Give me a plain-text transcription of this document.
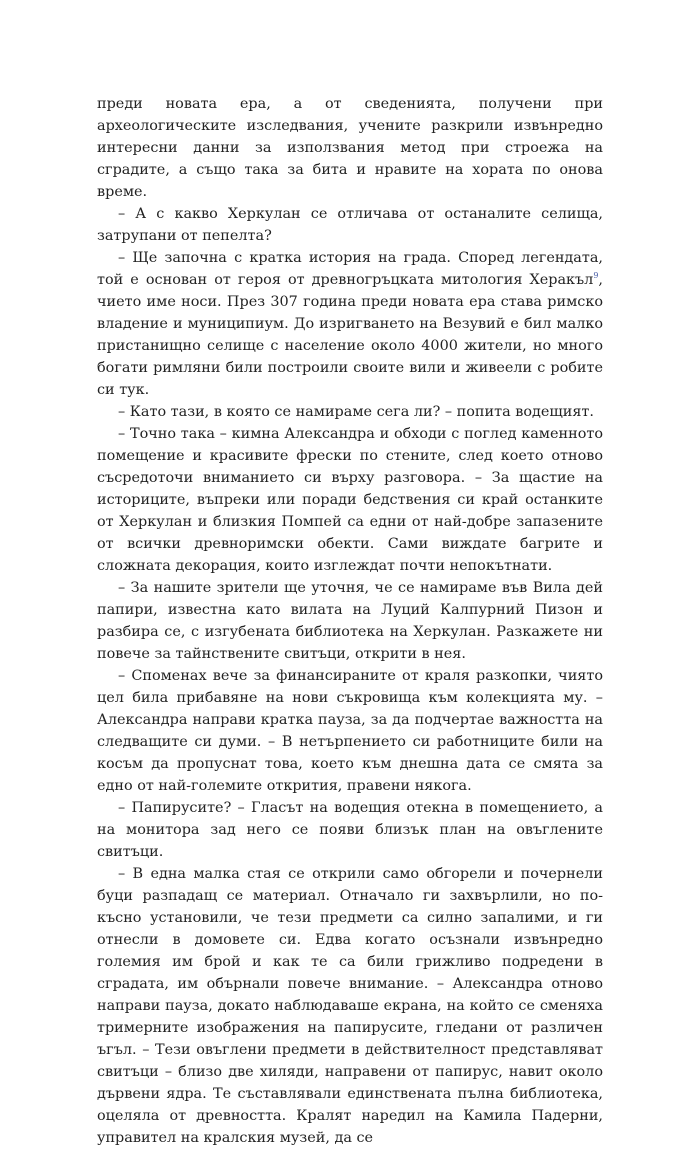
преди новата ера, а от сведенията, получени при археологическите изследвания, учените разкрили извънредно интересни данни за използвания метод при строежа на сградите, а също така за бита и нравите на хората по онова време.

– А с какво Херкулан се отличава от останалите селища, затрупани от пепелта?

– Ще започна с кратка история на града. Според легендата, той е основан от героя от древногръцката митология Херакъл$^9$, чието име носи. През 307 година преди новата ера става римско владение и муниципиум. До изригването на Везувий е бил малко пристанищно селище с население около 4000 жители, но много богати римляни били построили своите вили и живеели с робите си тук.

– Като тази, в която се намираме сега ли? – попита водещият.

– Точно така – кимна Александра и обходи с поглед каменното помещение и красивите фрески по стените, след което отново съсредоточи вниманието си върху разговора. – За щастие на историците, въпреки или поради бедствения си край останките от Херкулан и близкия Помпей са едни от най-добре запазените от всички древноримски обекти. Сами виждате багрите и сложната декорация, които изглеждат почти непокътнати.

– За нашите зрители ще уточня, че се намираме във Вила дей папири, известна като вилата на Луций Калпурний Пизон и разбира се, с изгубената библиотека на Херкулан. Разкажете ни повече за тайнствените свитъци, открити в нея.

– Споменах вече за финансираните от краля разкопки, чиято цел била прибавяне на нови съкровища към колекцията му. – Александра направи кратка пауза, за да подчертае важността на следващите си думи. – В нетърпението си работниците били на косъм да пропуснат това, което към днешна дата се смята за едно от най-големите открития, правени някога.

– Папирусите? – Гласът на водещия отекна в помещението, а на монитора зад него се появи близък план на овъглените свитъци.

– В една малка стая се открили само обгорели и почернели буци разпадащ се материал. Отначало ги захвърлили, но по-късно установили, че тези предмети са силно запалими, и ги отнесли в домовете си. Едва когато осъзнали извънредно големия им брой и как те са били грижливо подредени в сградата, им обърнали повече внимание. – Александра отново направи пауза, докато наблюдаваше екрана, на който се сменяха тримерните изображения на папирусите, гледани от различен ъгъл. – Тези овъглени предмети в действителност представляват свитъци – близо две хиляди, направени от папирус, навит около дървени ядра. Те съставлявали единствената пълна библиотека, оцеляла от древността. Кралят наредил на Камила Падерни, управител на кралския музей, да се
